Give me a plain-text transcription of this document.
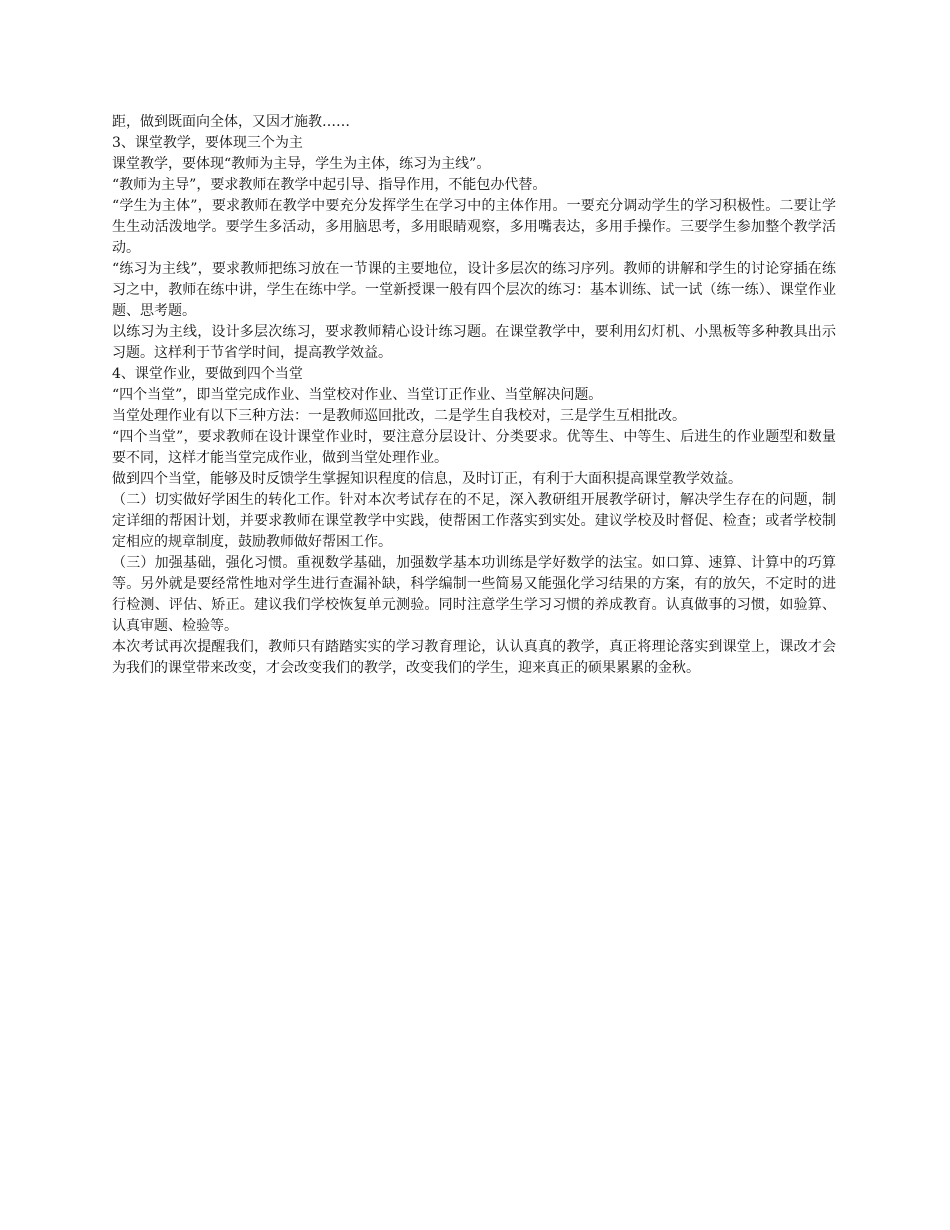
距，做到既面向全体，又因才施教……

3、课堂教学，要体现三个为主

课堂教学，要体现“教师为主导，学生为主体，练习为主线”。

“教师为主导”，要求教师在教学中起引导、指导作用，不能包办代替。

“学生为主体”，要求教师在教学中要充分发挥学生在学习中的主体作用。一要充分调动学生的学习积极性。二要让学生生动活泼地学。要学生多活动，多用脑思考，多用眼睛观察，多用嘴表达，多用手操作。三要学生参加整个教学活动。

“练习为主线”，要求教师把练习放在一节课的主要地位，设计多层次的练习序列。教师的讲解和学生的讨论穿插在练习之中，教师在练中讲，学生在练中学。一堂新授课一般有四个层次的练习：基本训练、试一试（练一练）、课堂作业题、思考题。

以练习为主线，设计多层次练习，要求教师精心设计练习题。在课堂教学中，要利用幻灯机、小黑板等多种教具出示习题。这样利于节省学时间，提高教学效益。

4、课堂作业，要做到四个当堂

“四个当堂”，即当堂完成作业、当堂校对作业、当堂订正作业、当堂解决问题。

当堂处理作业有以下三种方法：一是教师巡回批改，二是学生自我校对，三是学生互相批改。

“四个当堂”，要求教师在设计课堂作业时，要注意分层设计、分类要求。优等生、中等生、后进生的作业题型和数量要不同，这样才能当堂完成作业，做到当堂处理作业。

做到四个当堂，能够及时反馈学生掌握知识程度的信息，及时订正，有利于大面积提高课堂教学效益。

（二）切实做好学困生的转化工作。针对本次考试存在的不足，深入教研组开展教学研讨，解决学生存在的问题，制定详细的帮困计划，并要求教师在课堂教学中实践，使帮困工作落实到实处。建议学校及时督促、检查；或者学校制定相应的规章制度，鼓励教师做好帮困工作。

（三）加强基础，强化习惯。重视数学基础，加强数学基本功训练是学好数学的法宝。如口算、速算、计算中的巧算等。另外就是要经常性地对学生进行查漏补缺，科学编制一些简易又能强化学习结果的方案，有的放矢，不定时的进行检测、评估、矫正。建议我们学校恢复单元测验。同时注意学生学习习惯的养成教育。认真做事的习惯，如验算、认真审题、检验等。

本次考试再次提醒我们，教师只有踏踏实实的学习教育理论，认认真真的教学，真正将理论落实到课堂上，课改才会为我们的课堂带来改变，才会改变我们的教学，改变我们的学生，迎来真正的硕果累累的金秋。
